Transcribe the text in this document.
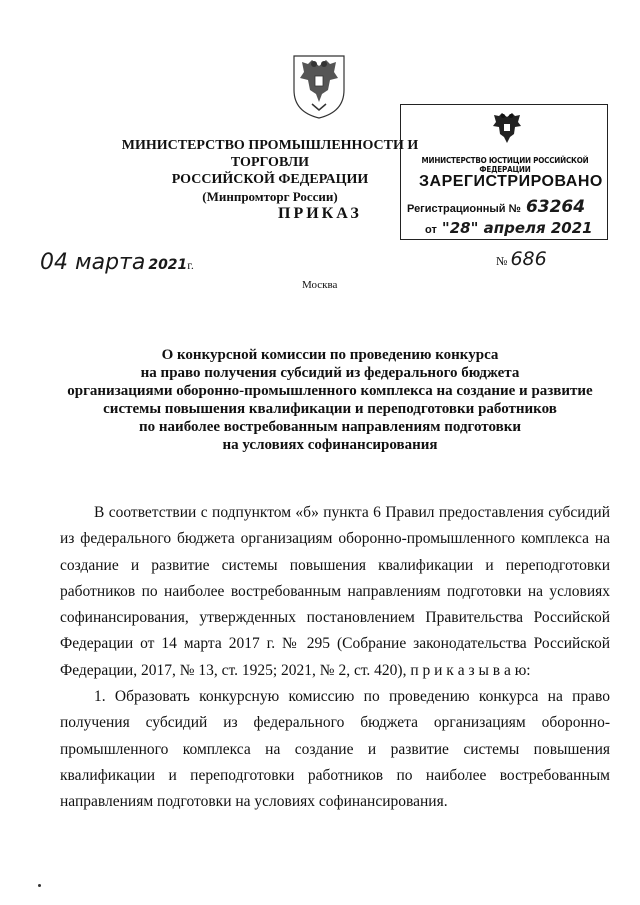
МИНИСТЕРСТВО ПРОМЫШЛЕННОСТИ И ТОРГОВЛИ
РОССИЙСКОЙ ФЕДЕРАЦИИ
(Минпромторг России)
ПРИКАЗ
МИНИСТЕРСТВО ЮСТИЦИИ РОССИЙСКОЙ ФЕДЕРАЦИИ
ЗАРЕГИСТРИРОВАНО
Регистрационный № 63264
от "28" апреля 2021
04 марта 2021г.	№ 686
Москва
О конкурсной комиссии по проведению конкурса
на право получения субсидий из федерального бюджета
организациями оборонно-промышленного комплекса на создание и развитие
системы повышения квалификации и переподготовки работников
по наиболее востребованным направлениям подготовки
на условиях софинансирования

В соответствии с подпунктом «б» пункта 6 Правил предоставления субсидий из федерального бюджета организациям оборонно-промышленного комплекса на создание и развитие системы повышения квалификации и переподготовки работников по наиболее востребованным направлениям подготовки на условиях софинансирования, утвержденных постановлением Правительства Российской Федерации от 14 марта 2017 г. № 295 (Собрание законодательства Российской Федерации, 2017, № 13, ст. 1925; 2021, № 2, ст. 420), п р и к а з ы в а ю:

1. Образовать конкурсную комиссию по проведению конкурса на право получения субсидий из федерального бюджета организациям оборонно-промышленного комплекса на создание и развитие системы повышения квалификации и переподготовки работников по наиболее востребованным направлениям подготовки на условиях софинансирования.
